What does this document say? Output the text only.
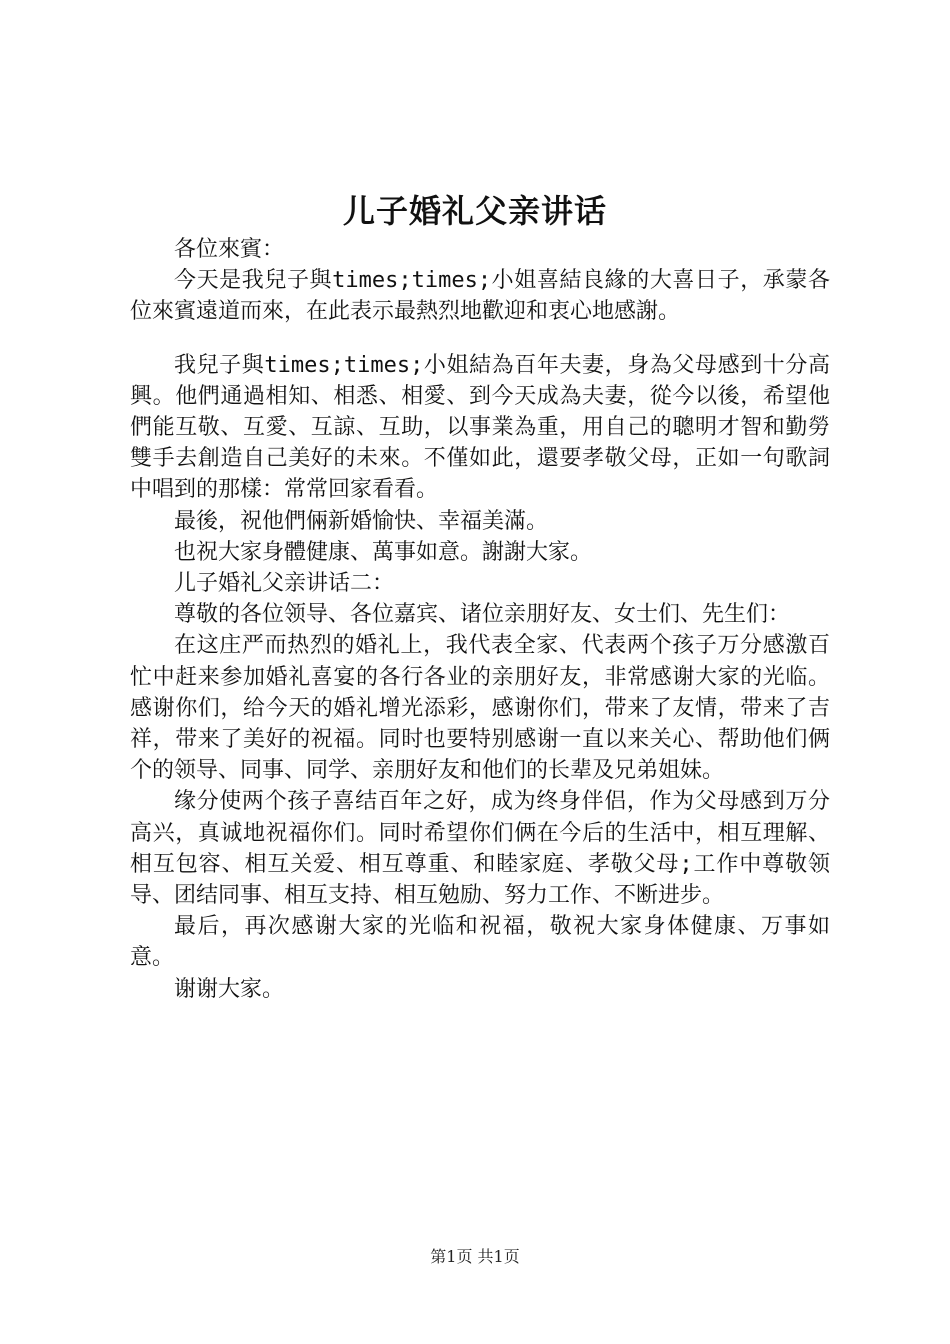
儿子婚礼父亲讲话

各位來賓：

今天是我兒子與times;times;小姐喜結良緣的大喜日子，承蒙各位來賓遠道而來，在此表示最熱烈地歡迎和衷心地感謝。

我兒子與times;times;小姐結為百年夫妻，身為父母感到十分高興。他們通過相知、相悉、相愛、到今天成為夫妻，從今以後，希望他們能互敬、互愛、互諒、互助，以事業為重，用自己的聰明才智和勤勞雙手去創造自己美好的未來。不僅如此，還要孝敬父母，正如一句歌詞中唱到的那樣：常常回家看看。

最後，祝他們倆新婚愉快、幸福美滿。

也祝大家身體健康、萬事如意。謝謝大家。

儿子婚礼父亲讲话二：

尊敬的各位领导、各位嘉宾、诸位亲朋好友、女士们、先生们：

在这庄严而热烈的婚礼上，我代表全家、代表两个孩子万分感激百忙中赶来参加婚礼喜宴的各行各业的亲朋好友，非常感谢大家的光临。感谢你们，给今天的婚礼增光添彩，感谢你们，带来了友情，带来了吉祥，带来了美好的祝福。同时也要特别感谢一直以来关心、帮助他们俩个的领导、同事、同学、亲朋好友和他们的长辈及兄弟姐妹。

缘分使两个孩子喜结百年之好，成为终身伴侣，作为父母感到万分高兴，真诚地祝福你们。同时希望你们俩在今后的生活中，相互理解、相互包容、相互关爱、相互尊重、和睦家庭、孝敬父母;工作中尊敬领导、团结同事、相互支持、相互勉励、努力工作、不断进步。

最后，再次感谢大家的光临和祝福，敬祝大家身体健康、万事如意。

谢谢大家。

第1页 共1页
